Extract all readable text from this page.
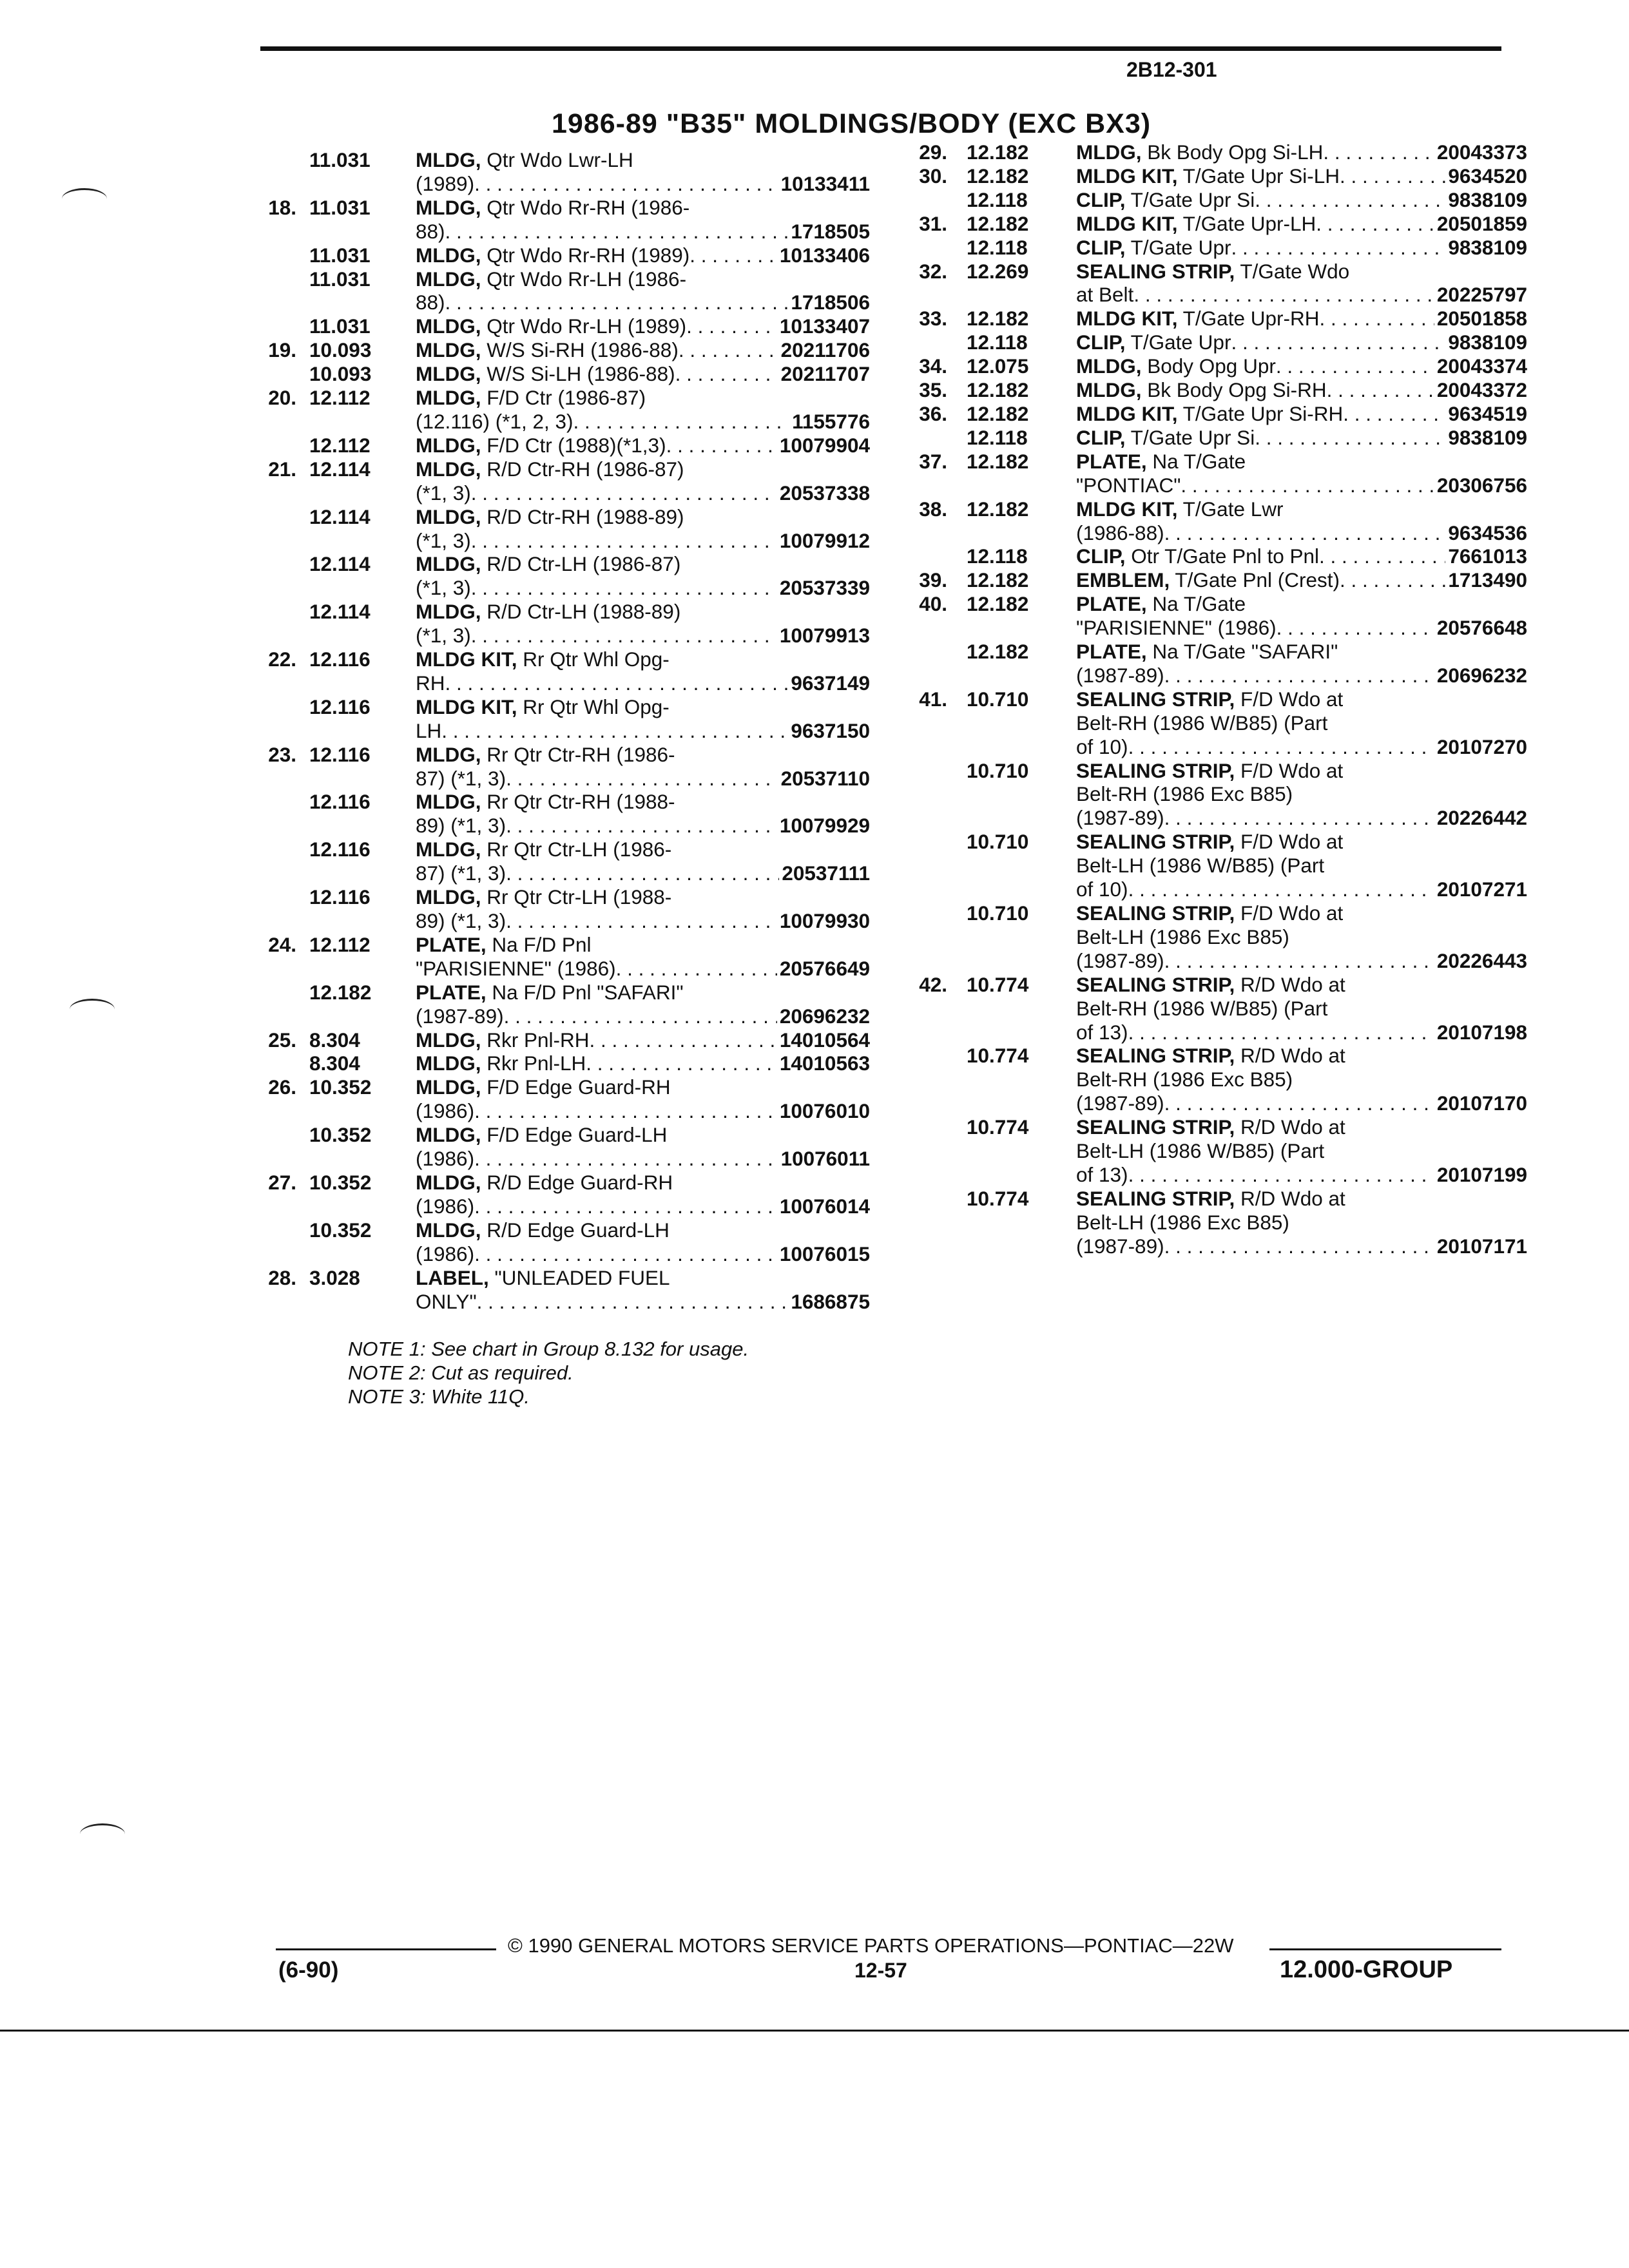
2B12-301
1986-89 "B35" MOLDINGS/BODY (EXC BX3)
11.031	MLDG, Qtr Wdo Lwr-LH
(1989) . . .	10133411
18. 11.031	MLDG, Qtr Wdo Rr-RH (1986-
88) . . .	1718505
11.031	MLDG, Qtr Wdo Rr-RH (1989) . . .	10133406
11.031	MLDG, Qtr Wdo Rr-LH (1986-
88) . . .	1718506
11.031	MLDG, Qtr Wdo Rr-LH (1989) . . .	10133407
19. 10.093	MLDG, W/S Si-RH (1986-88) . . .	20211706
10.093	MLDG, W/S Si-LH (1986-88) . . .	20211707
20. 12.112	MLDG, F/D Ctr (1986-87)
(12.116) (*1, 2, 3) . . .	1155776
12.112	MLDG, F/D Ctr (1988)(*1,3) . . .	10079904
21. 12.114	MLDG, R/D Ctr-RH (1986-87)
(*1, 3) . . .	20537338
12.114	MLDG, R/D Ctr-RH (1988-89)
(*1, 3) . . .	10079912
12.114	MLDG, R/D Ctr-LH (1986-87)
(*1, 3) . . .	20537339
12.114	MLDG, R/D Ctr-LH (1988-89)
(*1, 3) . . .	10079913
22. 12.116	MLDG KIT, Rr Qtr Whl Opg-
RH . . .	9637149
12.116	MLDG KIT, Rr Qtr Whl Opg-
LH . . .	9637150
23. 12.116	MLDG, Rr Qtr Ctr-RH (1986-
87) (*1, 3) . . .	20537110
12.116	MLDG, Rr Qtr Ctr-RH (1988-
89) (*1, 3) . . .	10079929
12.116	MLDG, Rr Qtr Ctr-LH (1986-
87) (*1, 3) . . .	20537111
12.116	MLDG, Rr Qtr Ctr-LH (1988-
89) (*1, 3) . . .	10079930
24. 12.112	PLATE, Na F/D Pnl
"PARISIENNE" (1986) . . .	20576649
12.182	PLATE, Na F/D Pnl "SAFARI"
(1987-89) . . .	20696232
25. 8.304	MLDG, Rkr Pnl-RH . . .	14010564
8.304	MLDG, Rkr Pnl-LH . . .	14010563
26. 10.352	MLDG, F/D Edge Guard-RH
(1986) . . .	10076010
10.352	MLDG, F/D Edge Guard-LH
(1986) . . .	10076011
27. 10.352	MLDG, R/D Edge Guard-RH
(1986) . . .	10076014
10.352	MLDG, R/D Edge Guard-LH
(1986) . . .	10076015
28. 3.028	LABEL, "UNLEADED FUEL
ONLY" . . .	1686875
29. 12.182	MLDG, Bk Body Opg Si-LH . . .	20043373
30. 12.182	MLDG KIT, T/Gate Upr Si-LH . . .	9634520
12.118	CLIP, T/Gate Upr Si . . .	9838109
31. 12.182	MLDG KIT, T/Gate Upr-LH . . .	20501859
12.118	CLIP, T/Gate Upr . . .	9838109
32. 12.269	SEALING STRIP, T/Gate Wdo
at Belt . . .	20225797
33. 12.182	MLDG KIT, T/Gate Upr-RH . . .	20501858
12.118	CLIP, T/Gate Upr . . .	9838109
34. 12.075	MLDG, Body Opg Upr . . .	20043374
35. 12.182	MLDG, Bk Body Opg Si-RH . . .	20043372
36. 12.182	MLDG KIT, T/Gate Upr Si-RH . . .	9634519
12.118	CLIP, T/Gate Upr Si . . .	9838109
37. 12.182	PLATE, Na T/Gate
"PONTIAC" . . .	20306756
38. 12.182	MLDG KIT, T/Gate Lwr
(1986-88) . . .	9634536
12.118	CLIP, Otr T/Gate Pnl to Pnl . . .	7661013
39. 12.182	EMBLEM, T/Gate Pnl (Crest) . . .	1713490
40. 12.182	PLATE, Na T/Gate
"PARISIENNE" (1986) . . .	20576648
12.182	PLATE, Na T/Gate "SAFARI"
(1987-89) . . .	20696232
41. 10.710	SEALING STRIP, F/D Wdo at
Belt-RH (1986 W/B85) (Part
of 10) . . .	20107270
10.710	SEALING STRIP, F/D Wdo at
Belt-RH (1986 Exc B85)
(1987-89) . . .	20226442
10.710	SEALING STRIP, F/D Wdo at
Belt-LH (1986 W/B85) (Part
of 10) . . .	20107271
10.710	SEALING STRIP, F/D Wdo at
Belt-LH (1986 Exc B85)
(1987-89) . . .	20226443
42. 10.774	SEALING STRIP, R/D Wdo at
Belt-RH (1986 W/B85) (Part
of 13) . . .	20107198
10.774	SEALING STRIP, R/D Wdo at
Belt-RH (1986 Exc B85)
(1987-89) . . .	20107170
10.774	SEALING STRIP, R/D Wdo at
Belt-LH (1986 W/B85) (Part
of 13) . . .	20107199
10.774	SEALING STRIP, R/D Wdo at
Belt-LH (1986 Exc B85)
(1987-89) . . .	20107171
NOTE 1: See chart in Group 8.132 for usage.
NOTE 2: Cut as required.
NOTE 3: White 11Q.
© 1990 GENERAL MOTORS SERVICE PARTS OPERATIONS—PONTIAC—22W
(6-90)	12-57	12.000-GROUP
